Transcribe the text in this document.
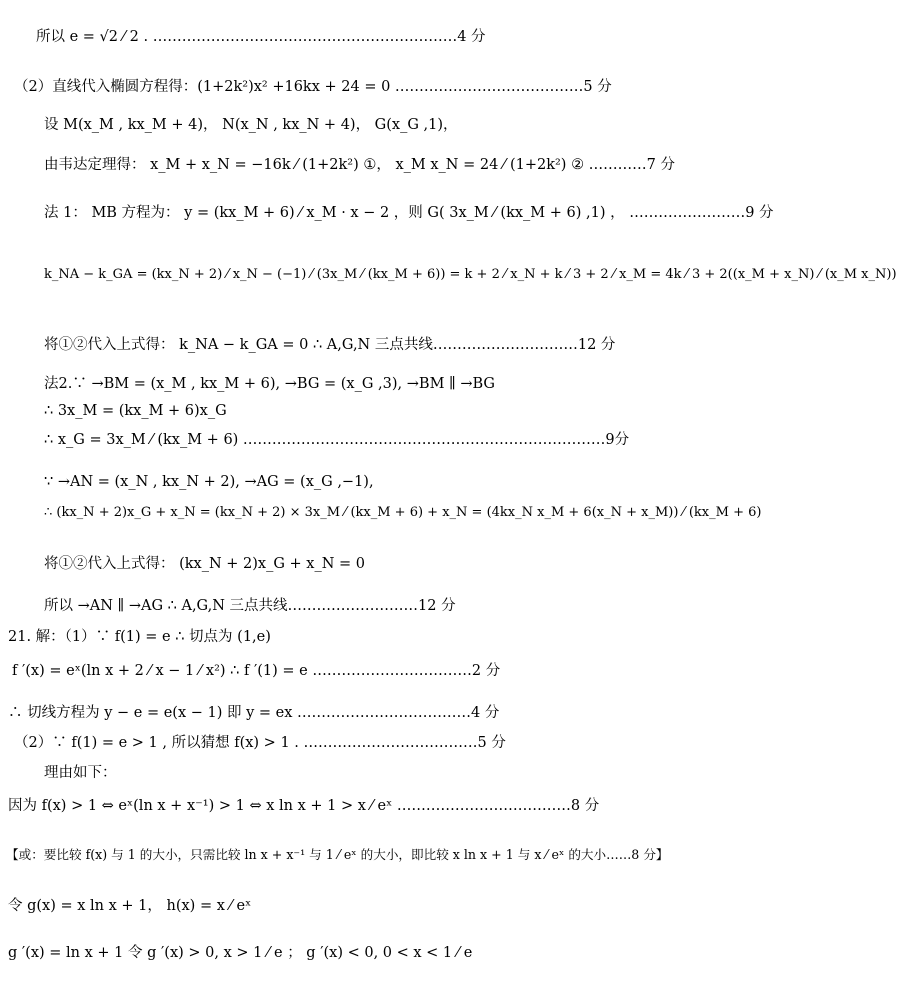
所以 e = √2 ⁄ 2 . ………………………………………………………4 分
（2）直线代入椭圆方程得：(1+2k²)x² +16kx + 24 = 0 …………………………………5 分
设 M(x_M , kx_M + 4)， N(x_N , kx_N + 4)， G(x_G ,1)，
由韦达定理得： x_M + x_N = −16k ⁄ (1+2k²) ①， x_M x_N = 24 ⁄ (1+2k²) ② …………7 分
法 1： MB 方程为： y = (kx_M + 6) ⁄ x_M · x − 2 ，则 G( 3x_M ⁄ (kx_M + 6) ,1) ， ……………………9 分
k_NA − k_GA = (kx_N + 2) ⁄ x_N − (−1) ⁄ (3x_M ⁄ (kx_M + 6)) = k + 2 ⁄ x_N + k ⁄ 3 + 2 ⁄ x_M = 4k ⁄ 3 + 2((x_M + x_N) ⁄ (x_M x_N))
将①②代入上式得： k_NA − k_GA = 0 ∴ A,G,N 三点共线…………………………12 分
法2.∵ →BM = (x_M , kx_M + 6), →BG = (x_G ,3), →BM ∥ →BG
∴ 3x_M = (kx_M + 6)x_G
∴ x_G = 3x_M ⁄ (kx_M + 6) …………………………………………………………………9分
∵ →AN = (x_N , kx_N + 2), →AG = (x_G ,−1),
∴ (kx_N + 2)x_G + x_N = (kx_N + 2) × 3x_M ⁄ (kx_M + 6) + x_N = (4kx_N x_M + 6(x_N + x_M)) ⁄ (kx_M + 6)
将①②代入上式得： (kx_N + 2)x_G + x_N = 0
所以 →AN ∥ →AG ∴ A,G,N 三点共线………………………12 分
21. 解：（1）∵ f(1) = e ∴ 切点为 (1,e)
f ′(x) = eˣ(ln x + 2 ⁄ x − 1 ⁄ x²) ∴ f ′(1) = e ……………………………2 分
∴ 切线方程为 y − e = e(x − 1) 即 y = ex ………………………………4 分
（2）∵ f(1) = e > 1 , 所以猜想 f(x) > 1 . ………………………………5 分
理由如下：
因为 f(x) > 1 ⇔ eˣ(ln x + x⁻¹) > 1 ⇔ x ln x + 1 > x ⁄ eˣ ………………………………8 分
【或：要比较 f(x) 与 1 的大小，只需比较 ln x + x⁻¹ 与 1 ⁄ eˣ 的大小，即比较 x ln x + 1 与 x ⁄ eˣ 的大小……8 分】
令 g(x) = x ln x + 1， h(x) = x ⁄ eˣ
g ′(x) = ln x + 1 令 g ′(x) > 0, x > 1 ⁄ e ； g ′(x) < 0, 0 < x < 1 ⁄ e
